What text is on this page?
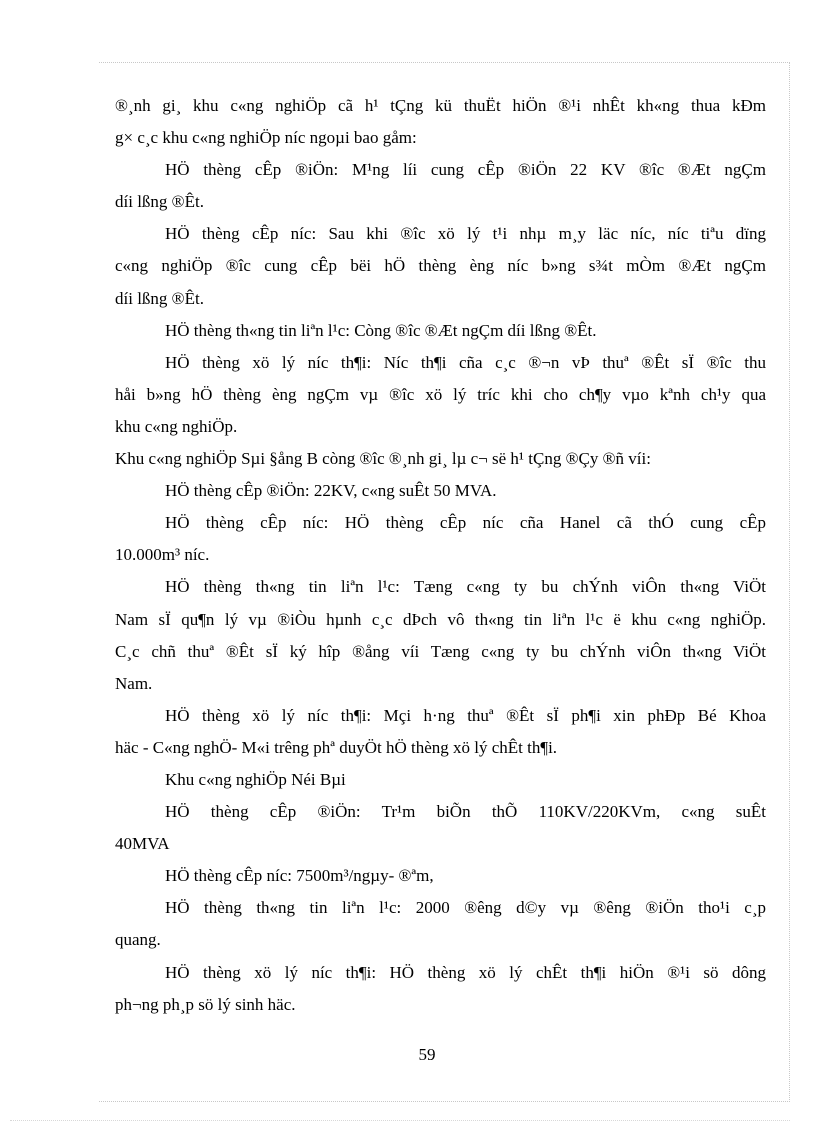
®¸nh gi¸ khu c«ng nghiÖp cã h¹ tÇng kü thuËt hiÖn ®¹i nhÊt kh«ng thua kÐm
g× c¸c khu c«ng nghiÖp níc ngoµi bao gåm:
HÖ thèng cÊp ®iÖn: M¹ng líi cung cÊp ®iÖn 22 KV ®îc ®Æt ngÇm
díi lßng ®Êt.
HÖ thèng cÊp níc: Sau khi ®îc xö lý t¹i nhµ m¸y läc níc, níc tiªu dïng
c«ng nghiÖp ®îc cung cÊp bëi hÖ thèng èng níc b»ng s¾t mÒm ®Æt ngÇm
díi lßng ®Êt.
HÖ thèng th«ng tin liªn l¹c: Còng ®îc ®Æt ngÇm díi lßng ®Êt.
HÖ thèng xö lý níc th¶i: Níc th¶i cña c¸c ®¬n vÞ thuª ®Êt sÏ ®îc thu
håi b»ng hÖ thèng èng ngÇm vµ ®îc xö lý tríc khi cho ch¶y vµo kªnh ch¹y qua
khu c«ng nghiÖp.
Khu c«ng nghiÖp Sµi §ång B còng ®îc ®¸nh gi¸ lµ c¬ së h¹ tÇng ®Çy ®ñ víi:
HÖ thèng cÊp ®iÖn: 22KV, c«ng suÊt 50 MVA.
HÖ thèng cÊp níc: HÖ thèng cÊp níc cña Hanel cã thÓ cung cÊp
10.000m³ níc.
HÖ thèng th«ng tin liªn l¹c: Tæng c«ng ty bu chÝnh viÔn th«ng ViÖt
Nam sÏ qu¶n lý vµ ®iÒu hµnh c¸c dÞch vô th«ng tin liªn l¹c ë khu c«ng nghiÖp.
C¸c chñ thuª ®Êt sÏ ký hîp ®ång víi Tæng c«ng ty bu chÝnh viÔn th«ng ViÖt
Nam.
HÖ thèng xö lý níc th¶i: Mçi h·ng thuª ®Êt sÏ ph¶i xin phÐp Bé Khoa
häc - C«ng nghÖ- M«i trêng phª duyÖt hÖ thèng xö lý chÊt th¶i.
Khu c«ng nghiÖp Néi Bµi
HÖ thèng cÊp ®iÖn: Tr¹m biÕn thÕ 110KV/220KVm, c«ng suÊt
40MVA
HÖ thèng cÊp níc: 7500m³/ngµy- ®ªm,
HÖ thèng th«ng tin liªn l¹c: 2000 ®êng d©y vµ ®êng ®iÖn tho¹i c¸p
quang.
HÖ thèng xö lý níc th¶i: HÖ thèng xö lý chÊt th¶i hiÖn ®¹i sö dông
ph¬ng ph¸p sö lý sinh häc.
59
